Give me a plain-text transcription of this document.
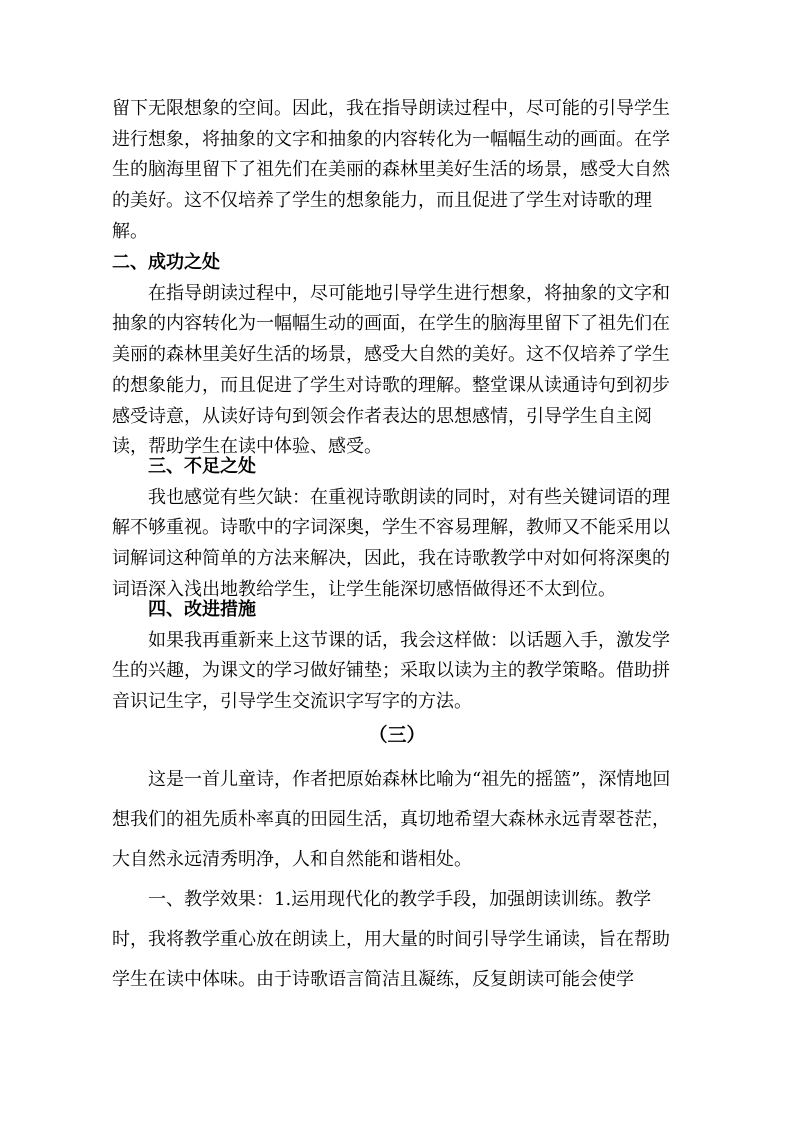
留下无限想象的空间。因此，我在指导朗读过程中，尽可能的引导学生进行想象，将抽象的文字和抽象的内容转化为一幅幅生动的画面。在学生的脑海里留下了祖先们在美丽的森林里美好生活的场景，感受大自然的美好。这不仅培养了学生的想象能力，而且促进了学生对诗歌的理解。

二、成功之处

在指导朗读过程中，尽可能地引导学生进行想象，将抽象的文字和抽象的内容转化为一幅幅生动的画面，在学生的脑海里留下了祖先们在美丽的森林里美好生活的场景，感受大自然的美好。这不仅培养了学生的想象能力，而且促进了学生对诗歌的理解。整堂课从读通诗句到初步感受诗意，从读好诗句到领会作者表达的思想感情，引导学生自主阅读，帮助学生在读中体验、感受。

三、不足之处

我也感觉有些欠缺：在重视诗歌朗读的同时，对有些关键词语的理解不够重视。诗歌中的字词深奥，学生不容易理解，教师又不能采用以词解词这种简单的方法来解决，因此，我在诗歌教学中对如何将深奥的词语深入浅出地教给学生，让学生能深切感悟做得还不太到位。

四、改进措施

如果我再重新来上这节课的话，我会这样做：以话题入手，激发学生的兴趣，为课文的学习做好铺垫；采取以读为主的教学策略。借助拼音识记生字，引导学生交流识字写字的方法。

（三）

这是一首儿童诗，作者把原始森林比喻为“祖先的摇篮”，深情地回想我们的祖先质朴率真的田园生活，真切地希望大森林永远青翠苍茫，大自然永远清秀明净，人和自然能和谐相处。

一、教学效果：1.运用现代化的教学手段，加强朗读训练。教学时，我将教学重心放在朗读上，用大量的时间引导学生诵读，旨在帮助学生在读中体味。由于诗歌语言简洁且凝练，反复朗读可能会使学
